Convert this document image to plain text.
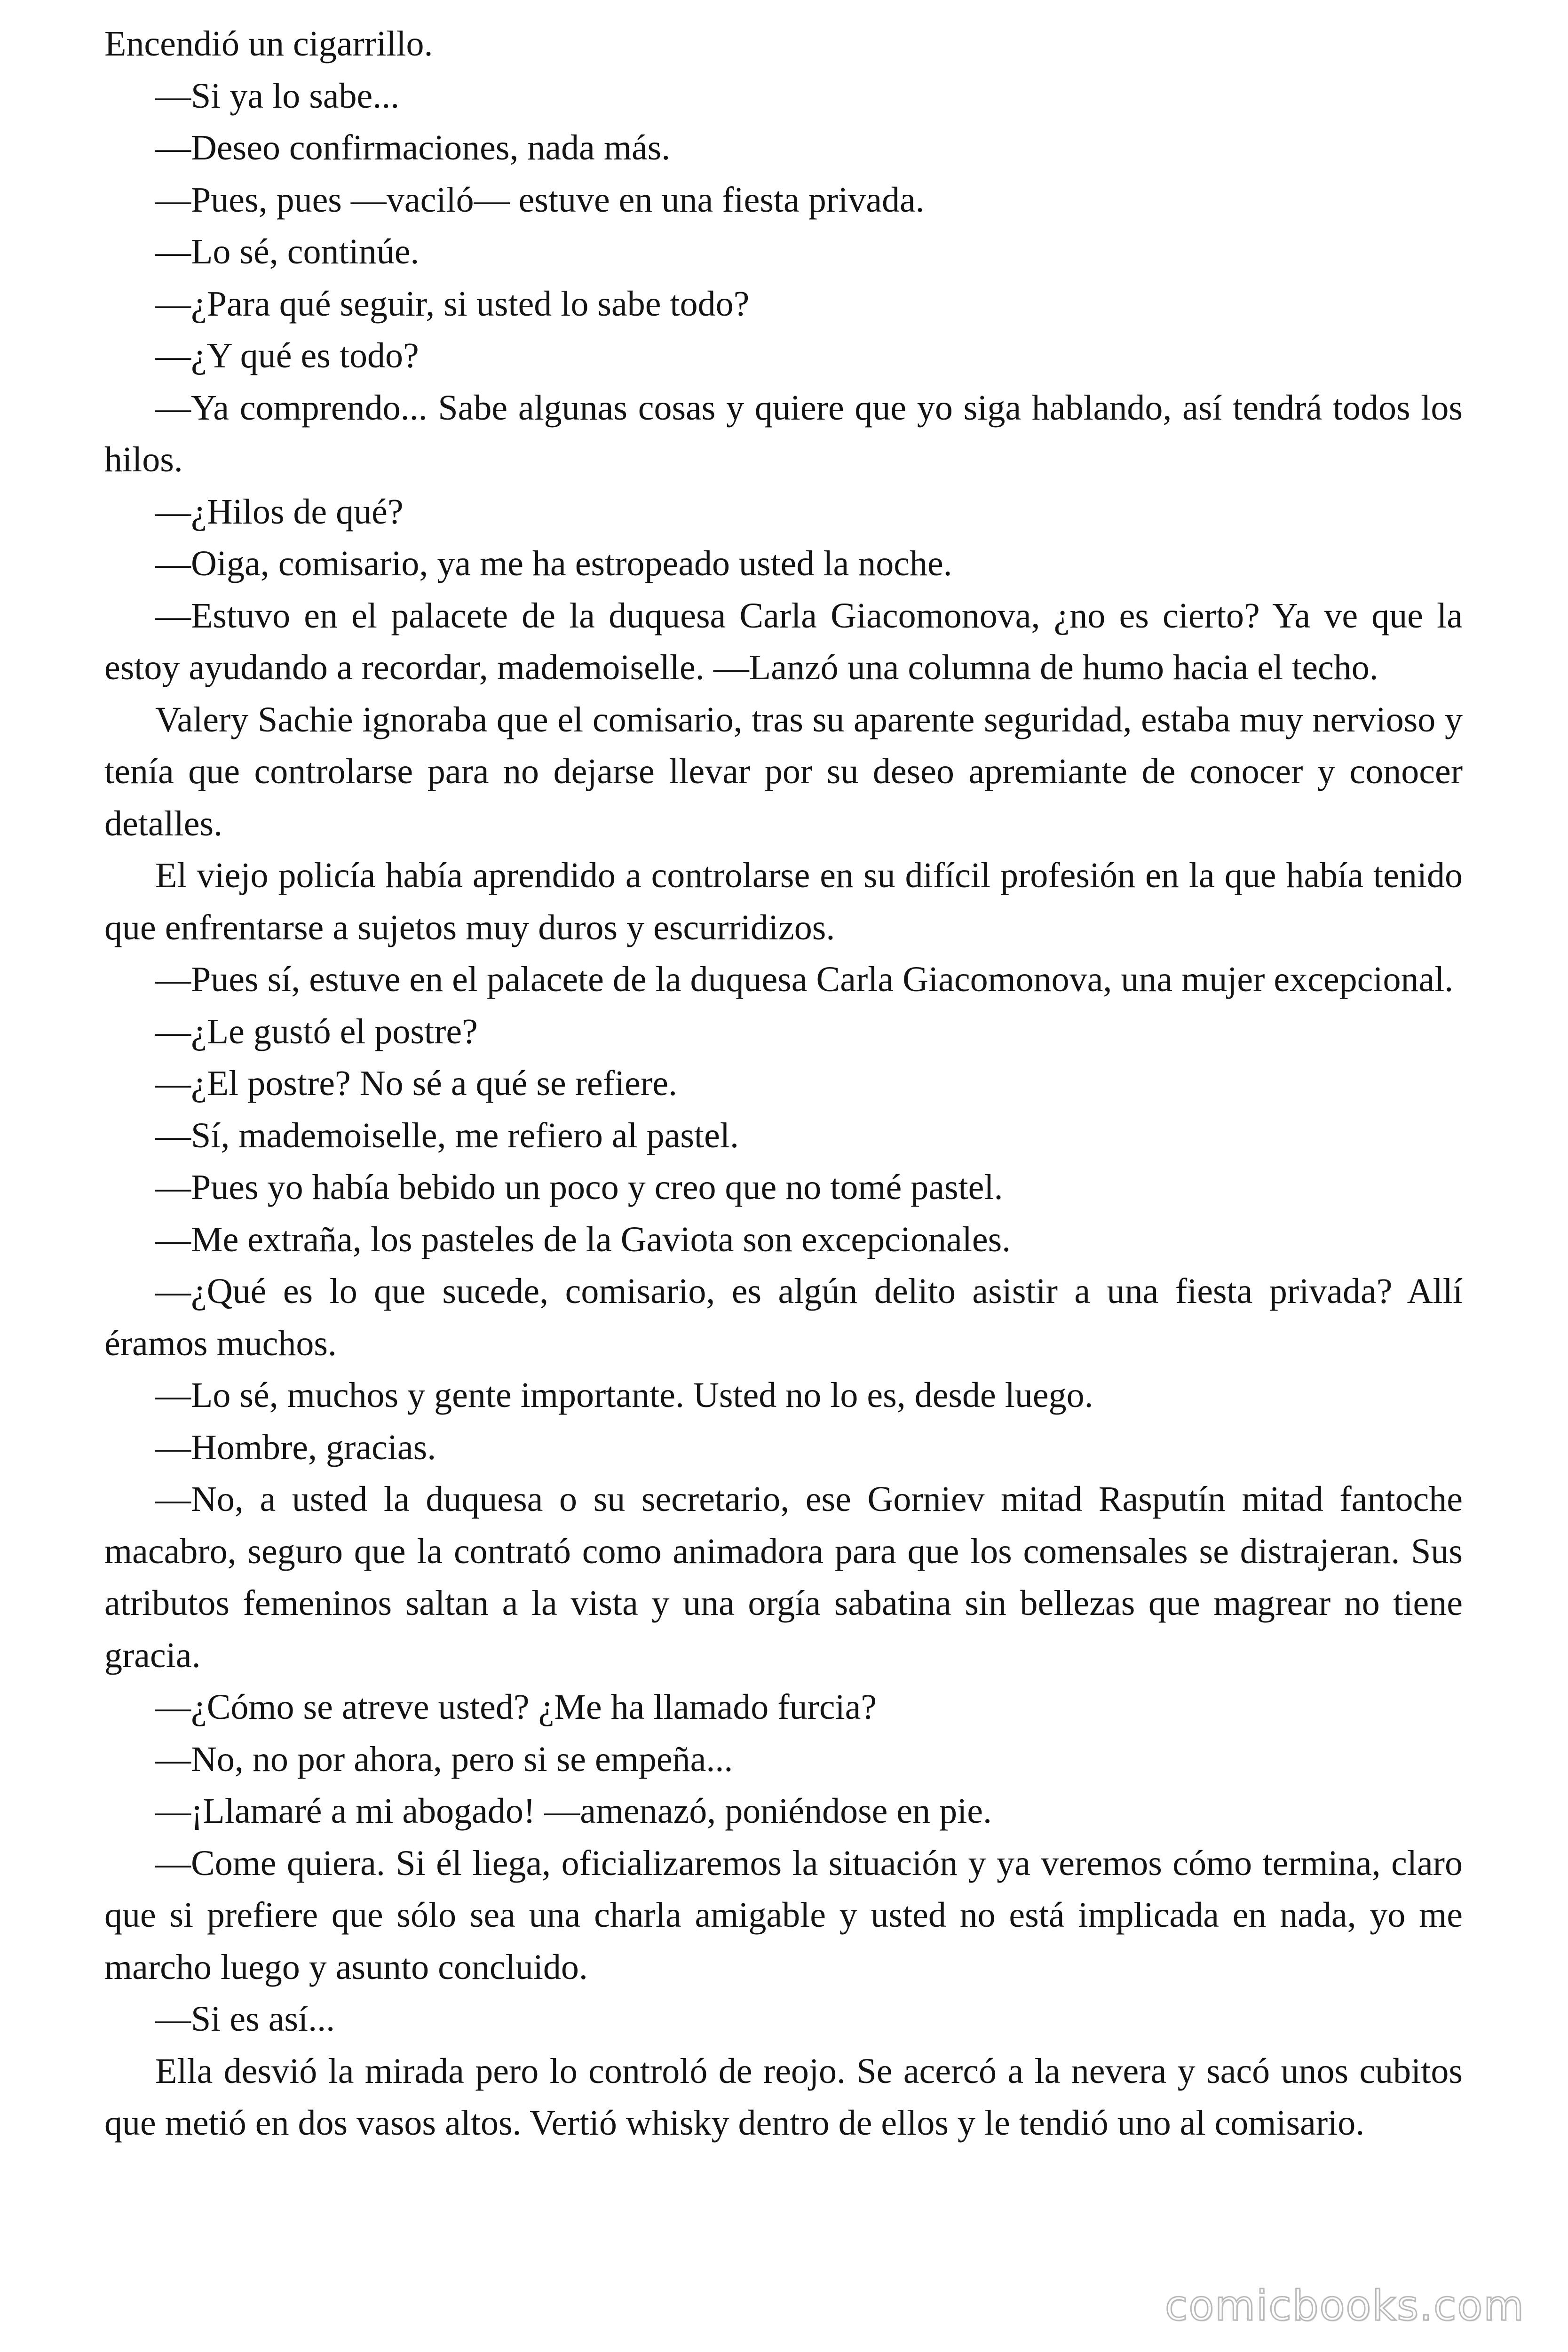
Encendió un cigarrillo.

—Si ya lo sabe...

—Deseo confirmaciones, nada más.

—Pues, pues —vaciló— estuve en una fiesta privada.

—Lo sé, continúe.

—¿Para qué seguir, si usted lo sabe todo?

—¿Y qué es todo?

—Ya comprendo... Sabe algunas cosas y quiere que yo siga hablando, así tendrá todos los hilos.

—¿Hilos de qué?

—Oiga, comisario, ya me ha estropeado usted la noche.

—Estuvo en el palacete de la duquesa Carla Giacomonova, ¿no es cierto? Ya ve que la estoy ayudando a recordar, mademoiselle. —Lanzó una columna de humo hacia el techo.

Valery Sachie ignoraba que el comisario, tras su aparente seguridad, estaba muy nervioso y tenía que controlarse para no dejarse llevar por su deseo apremiante de conocer y conocer detalles.

El viejo policía había aprendido a controlarse en su difícil profesión en la que había tenido que enfrentarse a sujetos muy duros y escurridizos.

—Pues sí, estuve en el palacete de la duquesa Carla Giacomonova, una mujer excepcional.

—¿Le gustó el postre?

—¿El postre? No sé a qué se refiere.

—Sí, mademoiselle, me refiero al pastel.

—Pues yo había bebido un poco y creo que no tomé pastel.

—Me extraña, los pasteles de la Gaviota son excepcionales.

—¿Qué es lo que sucede, comisario, es algún delito asistir a una fiesta privada? Allí éramos muchos.

—Lo sé, muchos y gente importante. Usted no lo es, desde luego.

—Hombre, gracias.

—No, a usted la duquesa o su secretario, ese Gorniev mitad Rasputín mitad fantoche macabro, seguro que la contrató como animadora para que los comensales se distrajeran. Sus atributos femeninos saltan a la vista y una orgía sabatina sin bellezas que magrear no tiene gracia.

—¿Cómo se atreve usted? ¿Me ha llamado furcia?

—No, no por ahora, pero si se empeña...

—¡Llamaré a mi abogado! —amenazó, poniéndose en pie.

—Come quiera. Si él liega, oficializaremos la situación y ya veremos cómo termina, claro que si prefiere que sólo sea una charla amigable y usted no está implicada en nada, yo me marcho luego y asunto concluido.

—Si es así...

Ella desvió la mirada pero lo controló de reojo. Se acercó a la nevera y sacó unos cubitos que metió en dos vasos altos. Vertió whisky dentro de ellos y le tendió uno al comisario.

comicbooks.com
